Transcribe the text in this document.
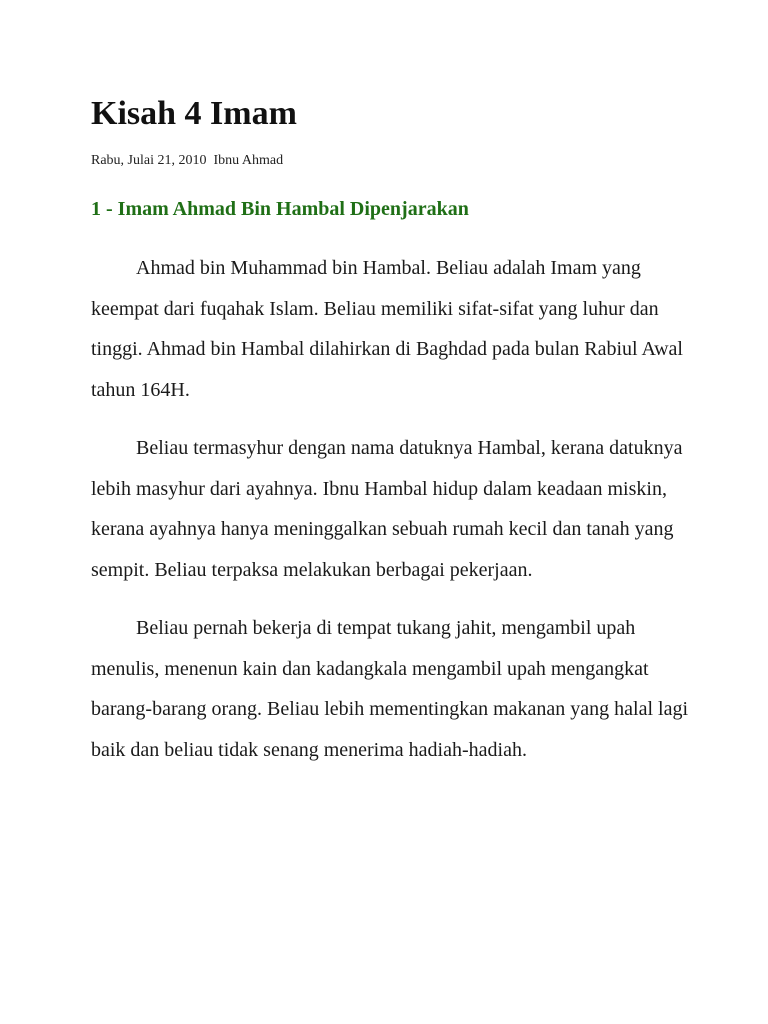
Kisah 4 Imam

Rabu, Julai 21, 2010 Ibnu Ahmad

1 - Imam Ahmad Bin Hambal Dipenjarakan

Ahmad bin Muhammad bin Hambal. Beliau adalah Imam yang keempat dari fuqahak Islam. Beliau memiliki sifat-sifat yang luhur dan tinggi. Ahmad bin Hambal dilahirkan di Baghdad pada bulan Rabiul Awal tahun 164H.

Beliau termasyhur dengan nama datuknya Hambal, kerana datuknya lebih masyhur dari ayahnya. Ibnu Hambal hidup dalam keadaan miskin, kerana ayahnya hanya meninggalkan sebuah rumah kecil dan tanah yang sempit. Beliau terpaksa melakukan berbagai pekerjaan.

Beliau pernah bekerja di tempat tukang jahit, mengambil upah menulis, menenun kain dan kadangkala mengambil upah mengangkat barang-barang orang. Beliau lebih mementingkan makanan yang halal lagi baik dan beliau tidak senang menerima hadiah-hadiah.
